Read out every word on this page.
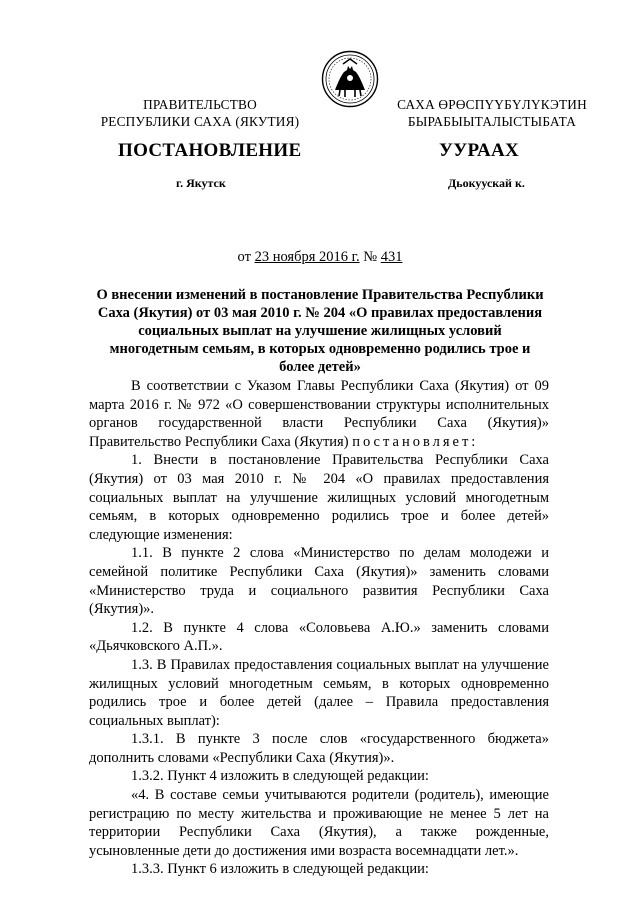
ПРАВИТЕЛЬСТВО
РЕСПУБЛИКИ САХА (ЯКУТИЯ)
САХА ӨРӨСПҮҮБҮЛҮКЭТИН
БЫРАБЫЫТАЛЫСТЫБАТА
ПОСТАНОВЛЕНИЕ	УУРААХ
г. Якутск	Дьокуускай к.
от 23 ноября 2016 г. № 431
О внесении изменений в постановление Правительства Республики Саха (Якутия) от 03 мая 2010 г. № 204 «О правилах предоставления социальных выплат на улучшение жилищных условий многодетным семьям, в которых одновременно родились трое и более детей»

В соответствии с Указом Главы Республики Саха (Якутия) от 09 марта 2016 г. № 972 «О совершенствовании структуры исполнительных органов государственной власти Республики Саха (Якутия)» Правительство Республики Саха (Якутия) постановляет:

1. Внести в постановление Правительства Республики Саха (Якутия) от 03 мая 2010 г. № 204 «О правилах предоставления социальных выплат на улучшение жилищных условий многодетным семьям, в которых одновременно родились трое и более детей» следующие изменения:

1.1. В пункте 2 слова «Министерство по делам молодежи и семейной политике Республики Саха (Якутия)» заменить словами «Министерство труда и социального развития Республики Саха (Якутия)».

1.2. В пункте 4 слова «Соловьева А.Ю.» заменить словами «Дьячковского А.П.».

1.3. В Правилах предоставления социальных выплат на улучшение жилищных условий многодетным семьям, в которых одновременно родились трое и более детей (далее – Правила предоставления социальных выплат):

1.3.1. В пункте 3 после слов «государственного бюджета» дополнить словами «Республики Саха (Якутия)».

1.3.2. Пункт 4 изложить в следующей редакции:

«4. В составе семьи учитываются родители (родитель), имеющие регистрацию по месту жительства и проживающие не менее 5 лет на территории Республики Саха (Якутия), а также рожденные, усыновленные дети до достижения ими возраста восемнадцати лет.».

1.3.3. Пункт 6 изложить в следующей редакции:
